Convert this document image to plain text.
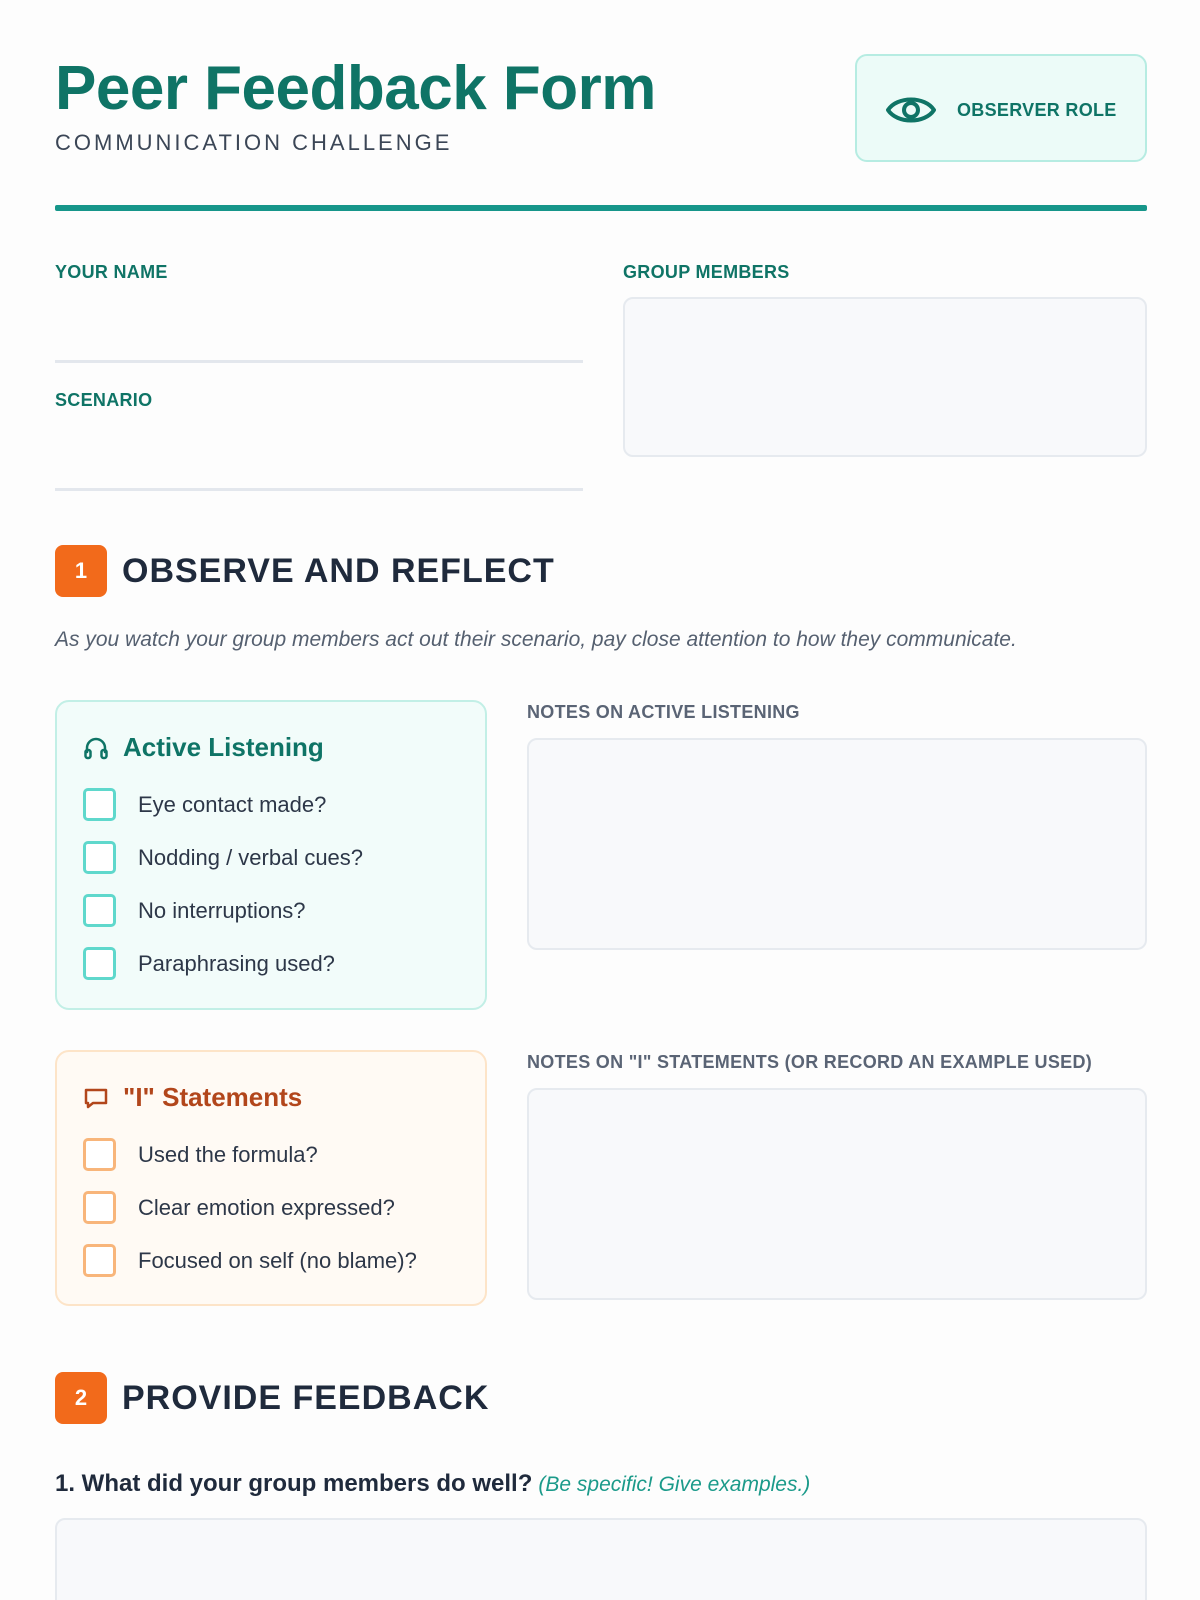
Peer Feedback Form
COMMUNICATION CHALLENGE
OBSERVER ROLE
YOUR NAME
SCENARIO
GROUP MEMBERS
1	OBSERVE AND REFLECT
As you watch your group members act out their scenario, pay close attention to how they communicate.
Active Listening
Eye contact made?
Nodding / verbal cues?
No interruptions?
Paraphrasing used?
NOTES ON ACTIVE LISTENING
"I" Statements
Used the formula?
Clear emotion expressed?
Focused on self (no blame)?
NOTES ON "I" STATEMENTS (OR RECORD AN EXAMPLE USED)
2	PROVIDE FEEDBACK
1. What did your group members do well? (Be specific! Give examples.)
